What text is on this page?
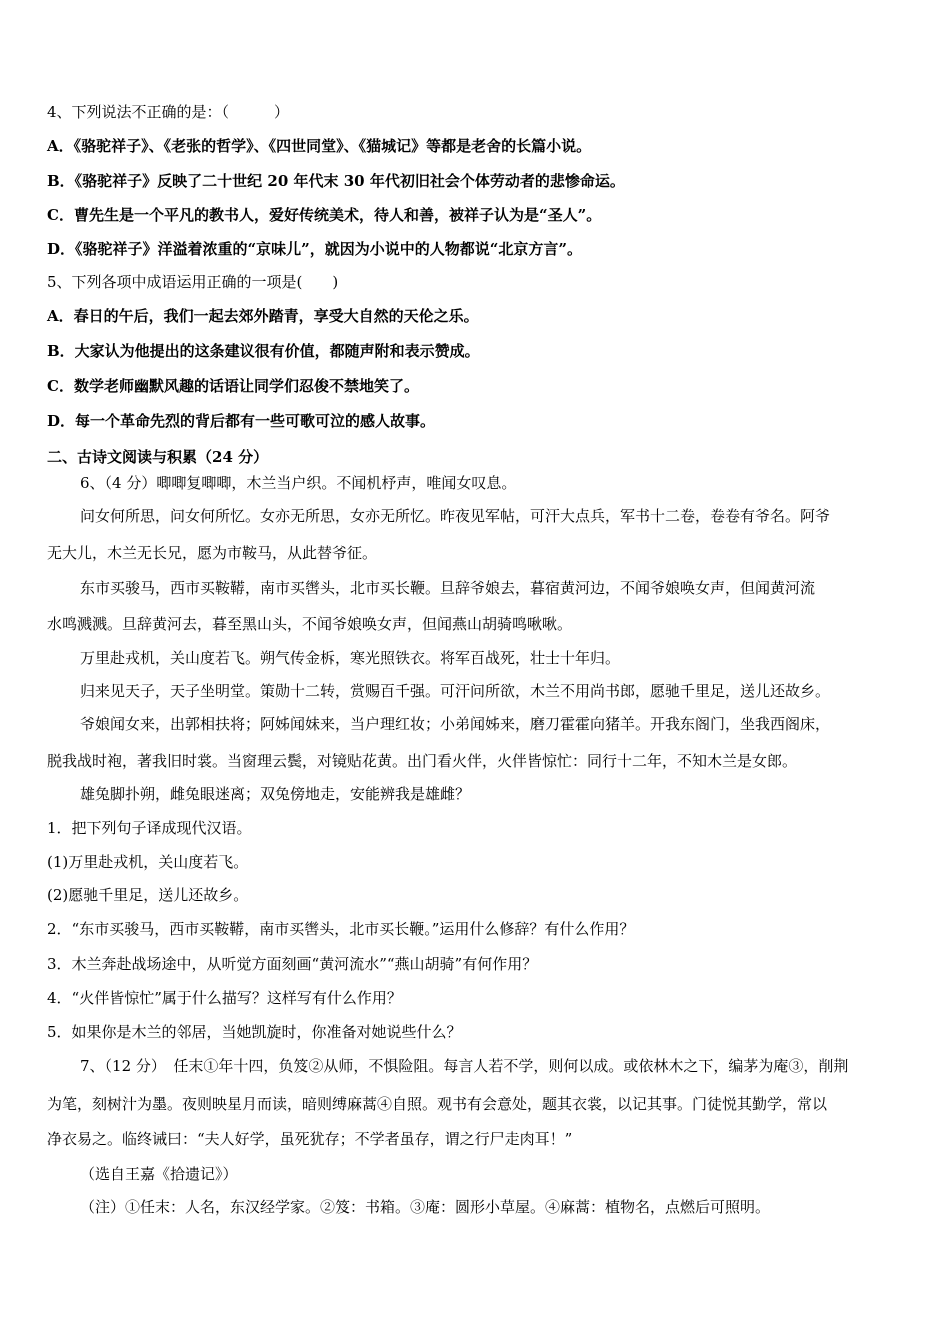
4、下列说法不正确的是：（　　　）
A．《骆驼祥子》、《老张的哲学》、《四世同堂》、《猫城记》等都是老舍的长篇小说。
B．《骆驼祥子》反映了二十世纪 20 年代末 30 年代初旧社会个体劳动者的悲惨命运。
C．曹先生是一个平凡的教书人，爱好传统美术，待人和善，被祥子认为是“圣人”。
D．《骆驼祥子》洋溢着浓重的“京味儿”，就因为小说中的人物都说“北京方言”。
5、下列各项中成语运用正确的一项是(　　)
A．春日的午后，我们一起去郊外踏青，享受大自然的天伦之乐。
B．大家认为他提出的这条建议很有价值，都随声附和表示赞成。
C．数学老师幽默风趣的话语让同学们忍俊不禁地笑了。
D．每一个革命先烈的背后都有一些可歌可泣的感人故事。
二、古诗文阅读与积累（24 分）
6、（4 分）唧唧复唧唧，木兰当户织。不闻机杼声，唯闻女叹息。
问女何所思，问女何所忆。女亦无所思，女亦无所忆。昨夜见军帖，可汗大点兵，军书十二卷，卷卷有爷名。阿爷
无大儿，木兰无长兄，愿为市鞍马，从此替爷征。
东市买骏马，西市买鞍鞯，南市买辔头，北市买长鞭。旦辞爷娘去，暮宿黄河边，不闻爷娘唤女声，但闻黄河流
水鸣溅溅。旦辞黄河去，暮至黑山头，不闻爷娘唤女声，但闻燕山胡骑鸣啾啾。
万里赴戎机，关山度若飞。朔气传金柝，寒光照铁衣。将军百战死，壮士十年归。
归来见天子，天子坐明堂。策勋十二转，赏赐百千强。可汗问所欲，木兰不用尚书郎，愿驰千里足，送儿还故乡。
爷娘闻女来，出郭相扶将；阿姊闻妹来，当户理红妆；小弟闻姊来，磨刀霍霍向猪羊。开我东阁门，坐我西阁床，
脱我战时袍，著我旧时裳。当窗理云鬓，对镜贴花黄。出门看火伴，火伴皆惊忙：同行十二年，不知木兰是女郎。
雄兔脚扑朔，雌兔眼迷离；双兔傍地走，安能辨我是雄雌？
1．把下列句子译成现代汉语。
(1)万里赴戎机，关山度若飞。
(2)愿驰千里足，送儿还故乡。
2．“东市买骏马，西市买鞍鞯，南市买辔头，北市买长鞭。”运用什么修辞？有什么作用？
3．木兰奔赴战场途中，从听觉方面刻画“黄河流水”“燕山胡骑”有何作用？
4．“火伴皆惊忙”属于什么描写？这样写有什么作用？
5．如果你是木兰的邻居，当她凯旋时，你准备对她说些什么？
7、（12 分）　任末①年十四，负笈②从师，不惧险阻。每言人若不学，则何以成。或依林木之下，编茅为庵③，削荆
为笔，刻树汁为墨。夜则映星月而读，暗则缚麻蒿④自照。观书有会意处，题其衣裳，以记其事。门徒悦其勤学，常以
净衣易之。临终诫曰：“夫人好学，虽死犹存；不学者虽存，谓之行尸走肉耳！”
（选自王嘉《拾遗记》）
（注）①任末：人名，东汉经学家。②笈：书箱。③庵：圆形小草屋。④麻蒿：植物名，点燃后可照明。
